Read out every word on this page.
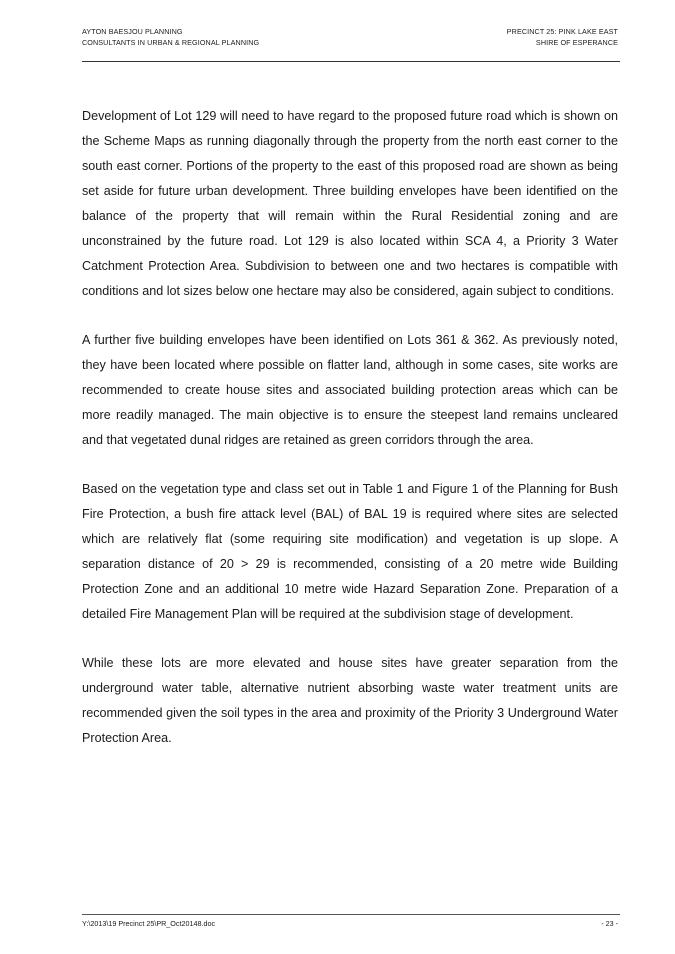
AYTON BAESJOU PLANNING
CONSULTANTS IN URBAN & REGIONAL PLANNING
PRECINCT 25: PINK LAKE EAST
SHIRE OF ESPERANCE

Development of Lot 129 will need to have regard to the proposed future road which is shown on the Scheme Maps as running diagonally through the property from the north east corner to the south east corner. Portions of the property to the east of this proposed road are shown as being set aside for future urban development. Three building envelopes have been identified on the balance of the property that will remain within the Rural Residential zoning and are unconstrained by the future road. Lot 129 is also located within SCA 4, a Priority 3 Water Catchment Protection Area. Subdivision to between one and two hectares is compatible with conditions and lot sizes below one hectare may also be considered, again subject to conditions.

A further five building envelopes have been identified on Lots 361 & 362. As previously noted, they have been located where possible on flatter land, although in some cases, site works are recommended to create house sites and associated building protection areas which can be more readily managed. The main objective is to ensure the steepest land remains uncleared and that vegetated dunal ridges are retained as green corridors through the area.

Based on the vegetation type and class set out in Table 1 and Figure 1 of the Planning for Bush Fire Protection, a bush fire attack level (BAL) of BAL 19 is required where sites are selected which are relatively flat (some requiring site modification) and vegetation is up slope. A separation distance of 20 > 29 is recommended, consisting of a 20 metre wide Building Protection Zone and an additional 10 metre wide Hazard Separation Zone. Preparation of a detailed Fire Management Plan will be required at the subdivision stage of development.

While these lots are more elevated and house sites have greater separation from the underground water table, alternative nutrient absorbing waste water treatment units are recommended given the soil types in the area and proximity of the Priority 3 Underground Water Protection Area.

Y:\2013\19 Precinct 25\PR_Oct20148.doc	- 23 -
